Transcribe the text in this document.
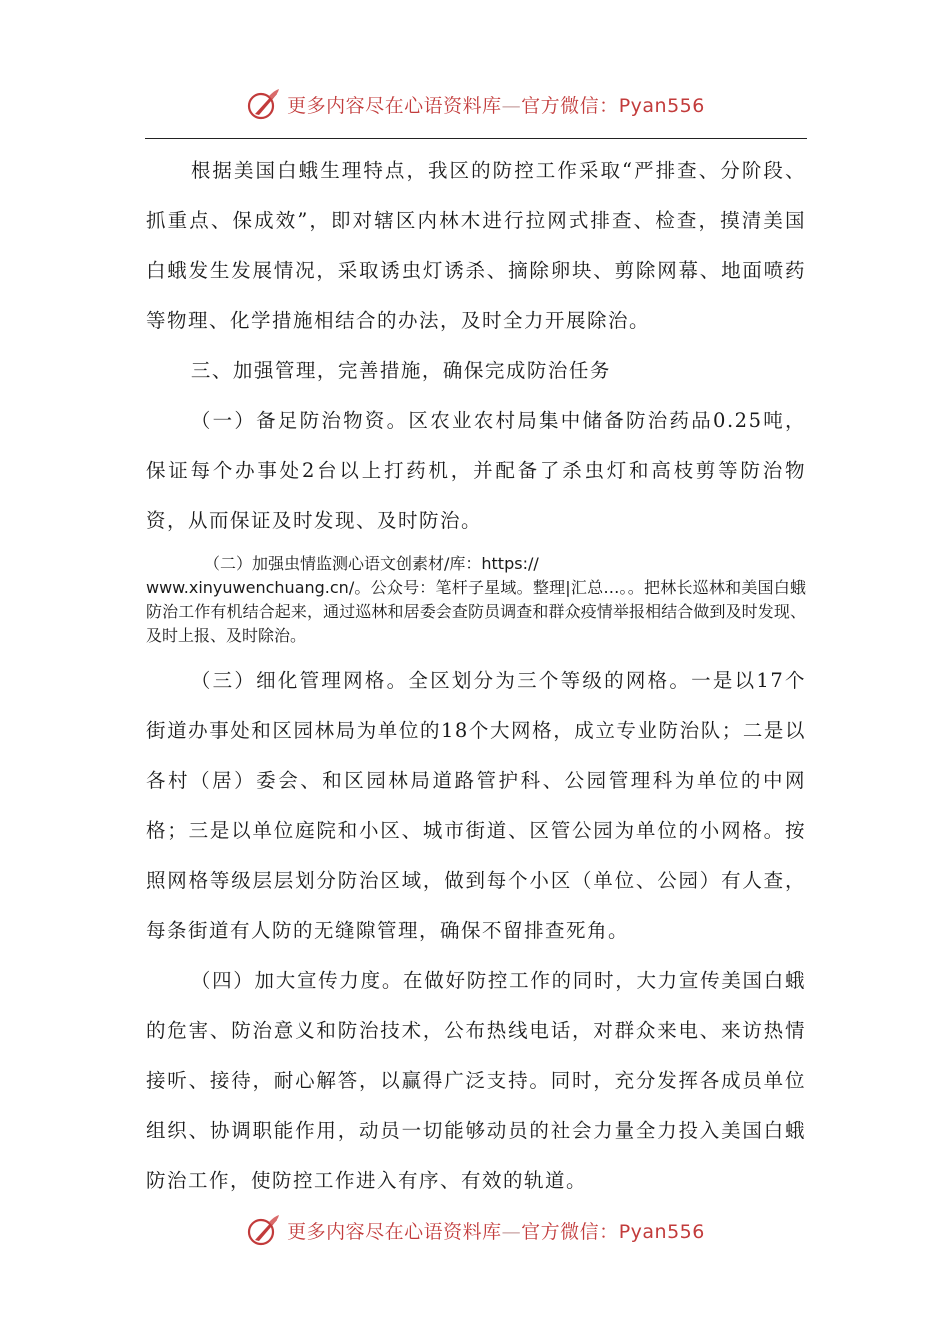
更多内容尽在心语资料库—官方微信：Pyan556

根据美国白蛾生理特点，我区的防控工作采取“严排查、分阶段、抓重点、保成效”，即对辖区内林木进行拉网式排查、检查，摸清美国白蛾发生发展情况，采取诱虫灯诱杀、摘除卵块、剪除网幕、地面喷药等物理、化学措施相结合的办法，及时全力开展除治。

三、加强管理，完善措施，确保完成防治任务

（一）备足防治物资。区农业农村局集中储备防治药品0.25吨，保证每个办事处2台以上打药机，并配备了杀虫灯和高枝剪等防治物资，从而保证及时发现、及时防治。

（二）加强虫情监测心语文创素材/库：https://
www.xinyuwenchuang.cn/。公众号：笔杆子星域。整理|汇总…。。把林长巡林和美国白蛾防治工作有机结合起来，通过巡林和居委会查防员调查和群众疫情举报相结合做到及时发现、及时上报、及时除治。

（三）细化管理网格。全区划分为三个等级的网格。一是以17个街道办事处和区园林局为单位的18个大网格，成立专业防治队；二是以各村（居）委会、和区园林局道路管护科、公园管理科为单位的中网格；三是以单位庭院和小区、城市街道、区管公园为单位的小网格。按照网格等级层层划分防治区域，做到每个小区（单位、公园）有人查，每条街道有人防的无缝隙管理，确保不留排查死角。

（四）加大宣传力度。在做好防控工作的同时，大力宣传美国白蛾的危害、防治意义和防治技术，公布热线电话，对群众来电、来访热情接听、接待，耐心解答，以赢得广泛支持。同时，充分发挥各成员单位组织、协调职能作用，动员一切能够动员的社会力量全力投入美国白蛾防治工作，使防控工作进入有序、有效的轨道。

更多内容尽在心语资料库—官方微信：Pyan556
